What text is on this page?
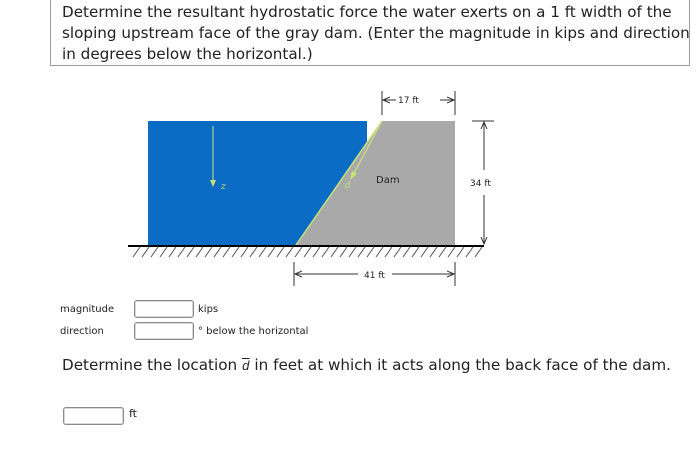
Determine the resultant hydrostatic force the water exerts on a 1 ft width of the sloping upstream face of the gray dam. (Enter the magnitude in kips and direction in degrees below the horizontal.)
d
z
Dam
17 ft
34 ft
41 ft
magnitude	kips
direction	° below the horizontal
Determine the location $\overline{d}$ in feet at which it acts along the back face of the dam.
ft
